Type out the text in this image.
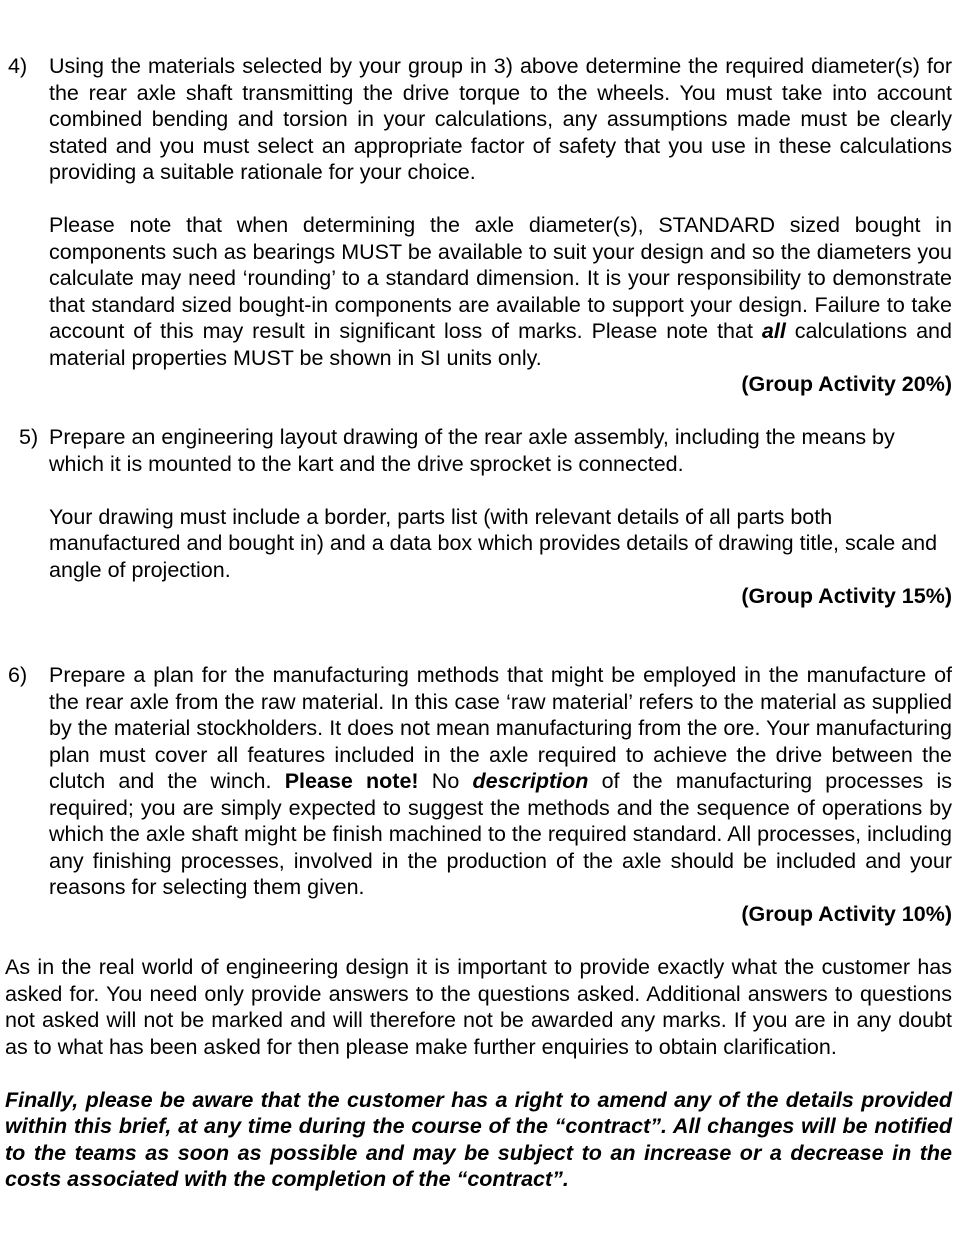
4) Using the materials selected by your group in 3) above determine the required diameter(s) for the rear axle shaft transmitting the drive torque to the wheels. You must take into account combined bending and torsion in your calculations, any assumptions made must be clearly stated and you must select an appropriate factor of safety that you use in these calculations providing a suitable rationale for your choice.

Please note that when determining the axle diameter(s), STANDARD sized bought in components such as bearings MUST be available to suit your design and so the diameters you calculate may need ‘rounding’ to a standard dimension. It is your responsibility to demonstrate that standard sized bought-in components are available to support your design. Failure to take account of this may result in significant loss of marks. Please note that all calculations and material properties MUST be shown in SI units only.

(Group Activity 20%)

5) Prepare an engineering layout drawing of the rear axle assembly, including the means by which it is mounted to the kart and the drive sprocket is connected.

Your drawing must include a border, parts list (with relevant details of all parts both manufactured and bought in) and a data box which provides details of drawing title, scale and angle of projection.

(Group Activity 15%)

6) Prepare a plan for the manufacturing methods that might be employed in the manufacture of the rear axle from the raw material. In this case ‘raw material’ refers to the material as supplied by the material stockholders. It does not mean manufacturing from the ore. Your manufacturing plan must cover all features included in the axle required to achieve the drive between the clutch and the winch. Please note! No description of the manufacturing processes is required; you are simply expected to suggest the methods and the sequence of operations by which the axle shaft might be finish machined to the required standard. All processes, including any finishing processes, involved in the production of the axle should be included and your reasons for selecting them given.

(Group Activity 10%)

As in the real world of engineering design it is important to provide exactly what the customer has asked for. You need only provide answers to the questions asked. Additional answers to questions not asked will not be marked and will therefore not be awarded any marks. If you are in any doubt as to what has been asked for then please make further enquiries to obtain clarification.

Finally, please be aware that the customer has a right to amend any of the details provided within this brief, at any time during the course of the “contract”. All changes will be notified to the teams as soon as possible and may be subject to an increase or a decrease in the costs associated with the completion of the “contract”.
